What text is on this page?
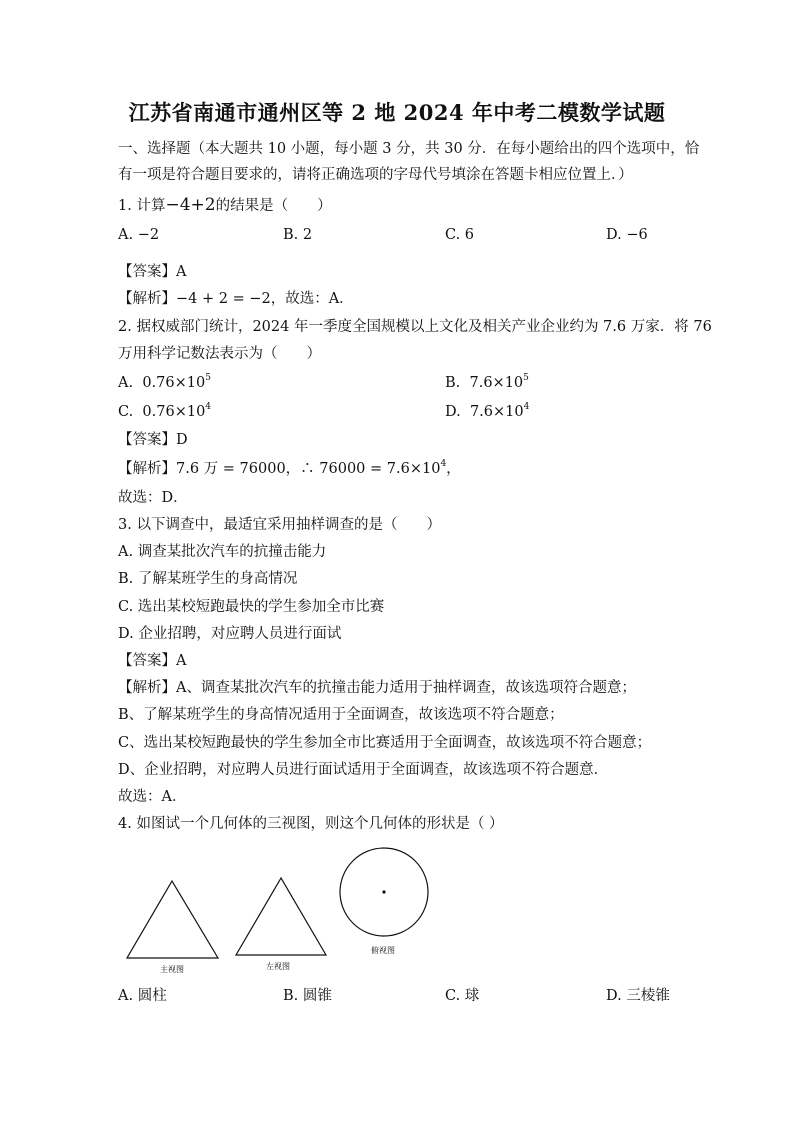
江苏省南通市通州区等 2 地 2024 年中考二模数学试题
一、选择题（本大题共 10 小题，每小题 3 分，共 30 分．在每小题给出的四个选项中，恰
有一项是符合题目要求的，请将正确选项的字母代号填涂在答题卡相应位置上．）
1. 计算−4+2的结果是（　　）
A. −2	B. 2	C. 6	D. −6
【答案】A
【解析】−4 + 2 = −2，故选：A．
2. 据权威部门统计，2024 年一季度全国规模以上文化及相关产业企业约为 7.6 万家．将 76
万用科学记数法表示为（　　）
A. $0.76\times 10^5$	B. $7.6\times 10^5$
C. $0.76\times 10^4$	D. $7.6\times 10^4$
【答案】D
【解析】7.6 万 = 76000，∴ $76000 = 7.6\times 10^4$，
故选：D．
3. 以下调查中，最适宜采用抽样调查的是（　　）
A. 调查某批次汽车的抗撞击能力
B. 了解某班学生的身高情况
C. 选出某校短跑最快的学生参加全市比赛
D. 企业招聘，对应聘人员进行面试
【答案】A
【解析】A、调查某批次汽车的抗撞击能力适用于抽样调查，故该选项符合题意；
B、了解某班学生的身高情况适用于全面调查，故该选项不符合题意；
C、选出某校短跑最快的学生参加全市比赛适用于全面调查，故该选项不符合题意；
D、企业招聘，对应聘人员进行面试适用于全面调查，故该选项不符合题意．
故选：A．
4. 如图试一个几何体的三视图，则这个几何体的形状是（ ）
主视图	左视图
俯视图
A. 圆柱	B. 圆锥	C. 球	D. 三棱锥
